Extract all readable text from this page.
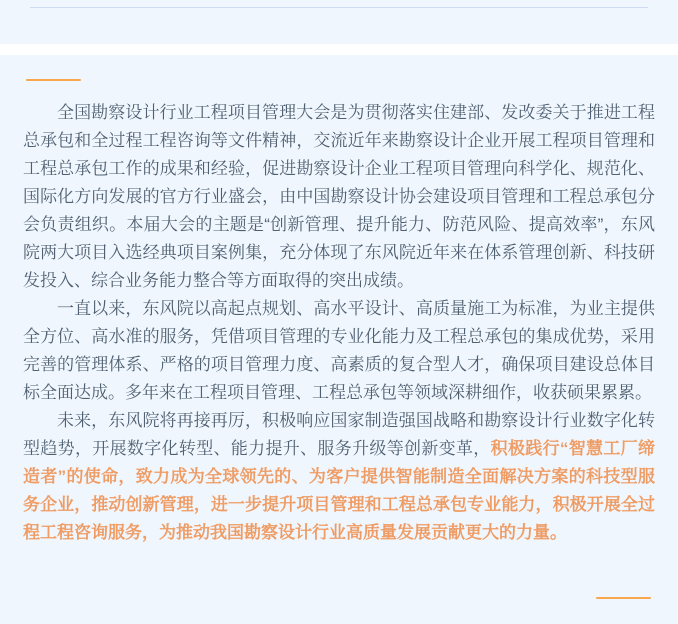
全国勘察设计行业工程项目管理大会是为贯彻落实住建部、发改委关于推进工程总承包和全过程工程咨询等文件精神，交流近年来勘察设计企业开展工程项目管理和工程总承包工作的成果和经验，促进勘察设计企业工程项目管理向科学化、规范化、国际化方向发展的官方行业盛会，由中国勘察设计协会建设项目管理和工程总承包分会负责组织。本届大会的主题是“创新管理、提升能力、防范风险、提高效率”，东风院两大项目入选经典项目案例集，充分体现了东风院近年来在体系管理创新、科技研发投入、综合业务能力整合等方面取得的突出成绩。

一直以来，东风院以高起点规划、高水平设计、高质量施工为标准，为业主提供全方位、高水准的服务，凭借项目管理的专业化能力及工程总承包的集成优势，采用完善的管理体系、严格的项目管理力度、高素质的复合型人才，确保项目建设总体目标全面达成。多年来在工程项目管理、工程总承包等领域深耕细作，收获硕果累累。

未来，东风院将再接再厉，积极响应国家制造强国战略和勘察设计行业数字化转型趋势，开展数字化转型、能力提升、服务升级等创新变革，积极践行“智慧工厂缔造者”的使命，致力成为全球领先的、为客户提供智能制造全面解决方案的科技型服务企业，推动创新管理，进一步提升项目管理和工程总承包专业能力，积极开展全过程工程咨询服务，为推动我国勘察设计行业高质量发展贡献更大的力量。
